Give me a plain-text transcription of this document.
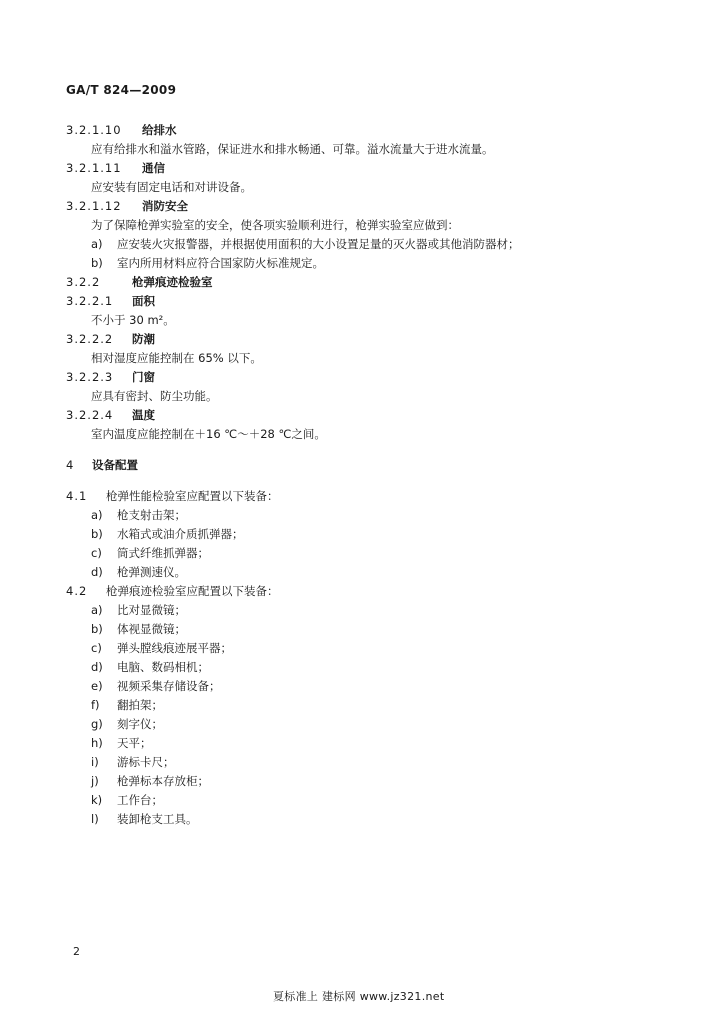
GA/T 824—2009
3.2.1.10 给排水
应有给排水和溢水管路，保证进水和排水畅通、可靠。溢水流量大于进水流量。
3.2.1.11 通信
应安装有固定电话和对讲设备。
3.2.1.12 消防安全
为了保障枪弹实验室的安全，使各项实验顺利进行，枪弹实验室应做到：
a) 应安装火灾报警器，并根据使用面积的大小设置足量的灭火器或其他消防器材；
b) 室内所用材料应符合国家防火标准规定。
3.2.2	枪弹痕迹检验室
3.2.2.1 面积
不小于 30 m²。
3.2.2.2 防潮
相对湿度应能控制在 65% 以下。
3.2.2.3 门窗
应具有密封、防尘功能。
3.2.2.4 温度
室内温度应能控制在＋16 ℃～＋28 ℃之间。
4 设备配置
4.1 枪弹性能检验室应配置以下装备：
a) 枪支射击架；
b) 水箱式或油介质抓弹器；
c) 筒式纤维抓弹器；
d) 枪弹测速仪。
4.2 枪弹痕迹检验室应配置以下装备：
a) 比对显微镜；
b) 体视显微镜；
c) 弹头膛线痕迹展平器；
d) 电脑、数码相机；
e) 视频采集存储设备；
f) 翻拍架；
g) 刻字仪；
h) 天平；
i) 游标卡尺；
j) 枪弹标本存放柜；
k) 工作台；
l) 装卸枪支工具。
2
夏标准上 建标网 www.jz321.net
